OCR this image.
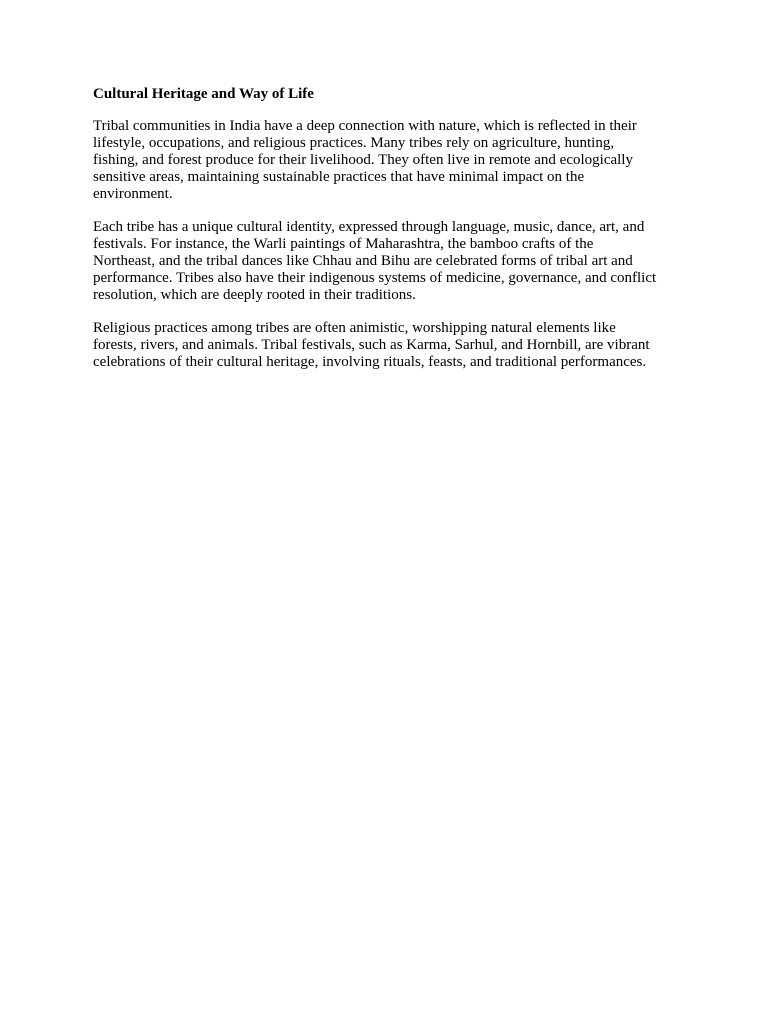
Cultural Heritage and Way of Life

Tribal communities in India have a deep connection with nature, which is reflected in their
lifestyle, occupations, and religious practices. Many tribes rely on agriculture, hunting,
fishing, and forest produce for their livelihood. They often live in remote and ecologically
sensitive areas, maintaining sustainable practices that have minimal impact on the
environment.

Each tribe has a unique cultural identity, expressed through language, music, dance, art, and
festivals. For instance, the Warli paintings of Maharashtra, the bamboo crafts of the
Northeast, and the tribal dances like Chhau and Bihu are celebrated forms of tribal art and
performance. Tribes also have their indigenous systems of medicine, governance, and conflict
resolution, which are deeply rooted in their traditions.

Religious practices among tribes are often animistic, worshipping natural elements like
forests, rivers, and animals. Tribal festivals, such as Karma, Sarhul, and Hornbill, are vibrant
celebrations of their cultural heritage, involving rituals, feasts, and traditional performances.
